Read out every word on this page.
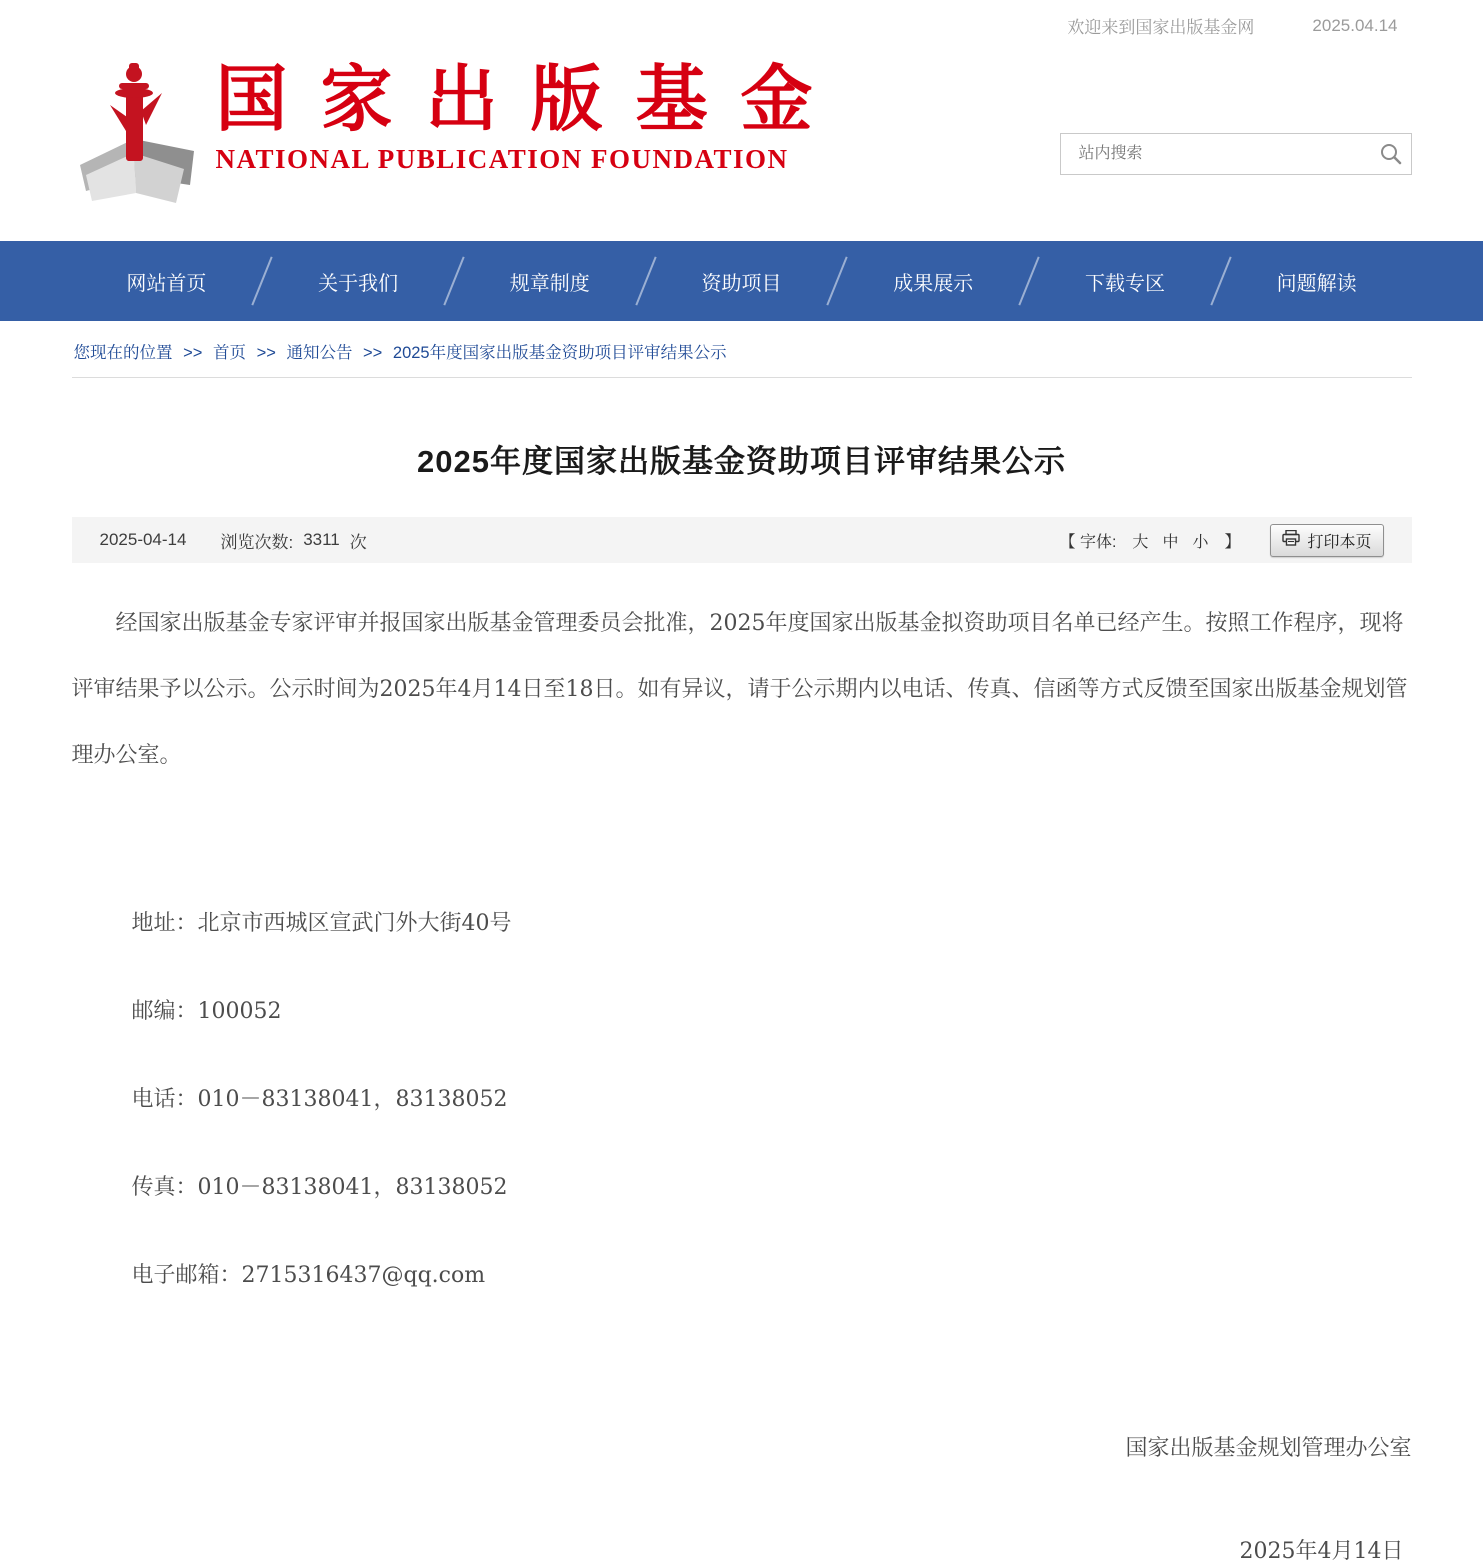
欢迎来到国家出版基金网	2025.04.14
国家出版基金
NATIONAL PUBLICATION FOUNDATION
站内搜索
网站首页	关于我们	规章制度	资助项目	成果展示	下载专区	问题解读
您现在的位置 >> 首页 >> 通知公告 >> 2025年度国家出版基金资助项目评审结果公示
2025年度国家出版基金资助项目评审结果公示
2025-04-14 浏览次数: 3311 次	【 字体: 大 中 小 】	打印本页

经国家出版基金专家评审并报国家出版基金管理委员会批准，2025年度国家出版基金拟资助项目名单已经产生。按照工作程序，现将评审结果予以公示。公示时间为2025年4月14日至18日。如有异议，请于公示期内以电话、传真、信函等方式反馈至国家出版基金规划管理办公室。

地址：北京市西城区宣武门外大街40号

邮编：100052

电话：010－83138041，83138052

传真：010－83138041，83138052

电子邮箱：2715316437@qq.com

国家出版基金规划管理办公室
2025年4月14日
